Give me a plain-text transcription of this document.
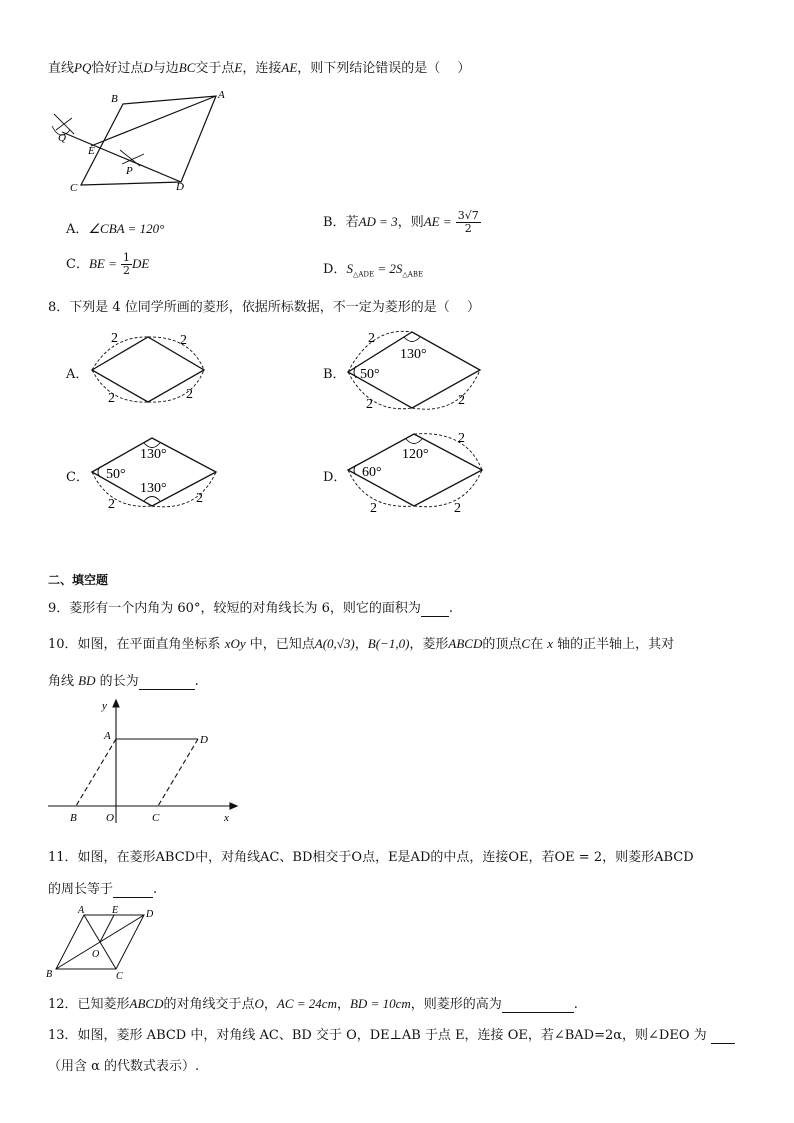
直线PQ恰好过点D与边BC交于点E，连接AE，则下列结论错误的是（　 ）
B	A
Q
E
P
C	D
A．∠CBA = 120°	B．若AD = 3，则AE = $\frac{3√7}{2}$
C．BE = $\frac{1}{2}$ DE	D．$S_{\triangle ADE} = 2S_{\triangle ABE}$
8．下列是 4 位同学所画的菱形，依据所标数据，不一定为菱形的是（　 ）
A．
2	2
2	2
B．
2
130°
50°
2	2
C．
130°
50°
130°
2	2
D．
2
120°
60°
2	2
二、填空题
9．菱形有一个内角为 60°，较短的对角线长为 6，则它的面积为 .
10．如图，在平面直角坐标系 xOy 中，已知点A(0,√3)，B(−1,0)，菱形ABCD的顶点C在 x 轴的正半轴上，其对
角线 BD 的长为	.
y
A	D
B	O	C	x
11．如图，在菱形ABCD中，对角线AC、BD相交于O点，E是AD的中点，连接OE，若OE = 2，则菱形ABCD
的周长等于	.
A	E	D
O
B	C
12．已知菱形ABCD的对角线交于点O，AC = 24cm，BD = 10cm，则菱形的高为	.
13．如图，菱形 ABCD 中，对角线 AC、BD 交于 O，DE⊥AB 于点 E，连接 OE，若∠BAD=2α，则∠DEO 为
（用含 α 的代数式表示）.
